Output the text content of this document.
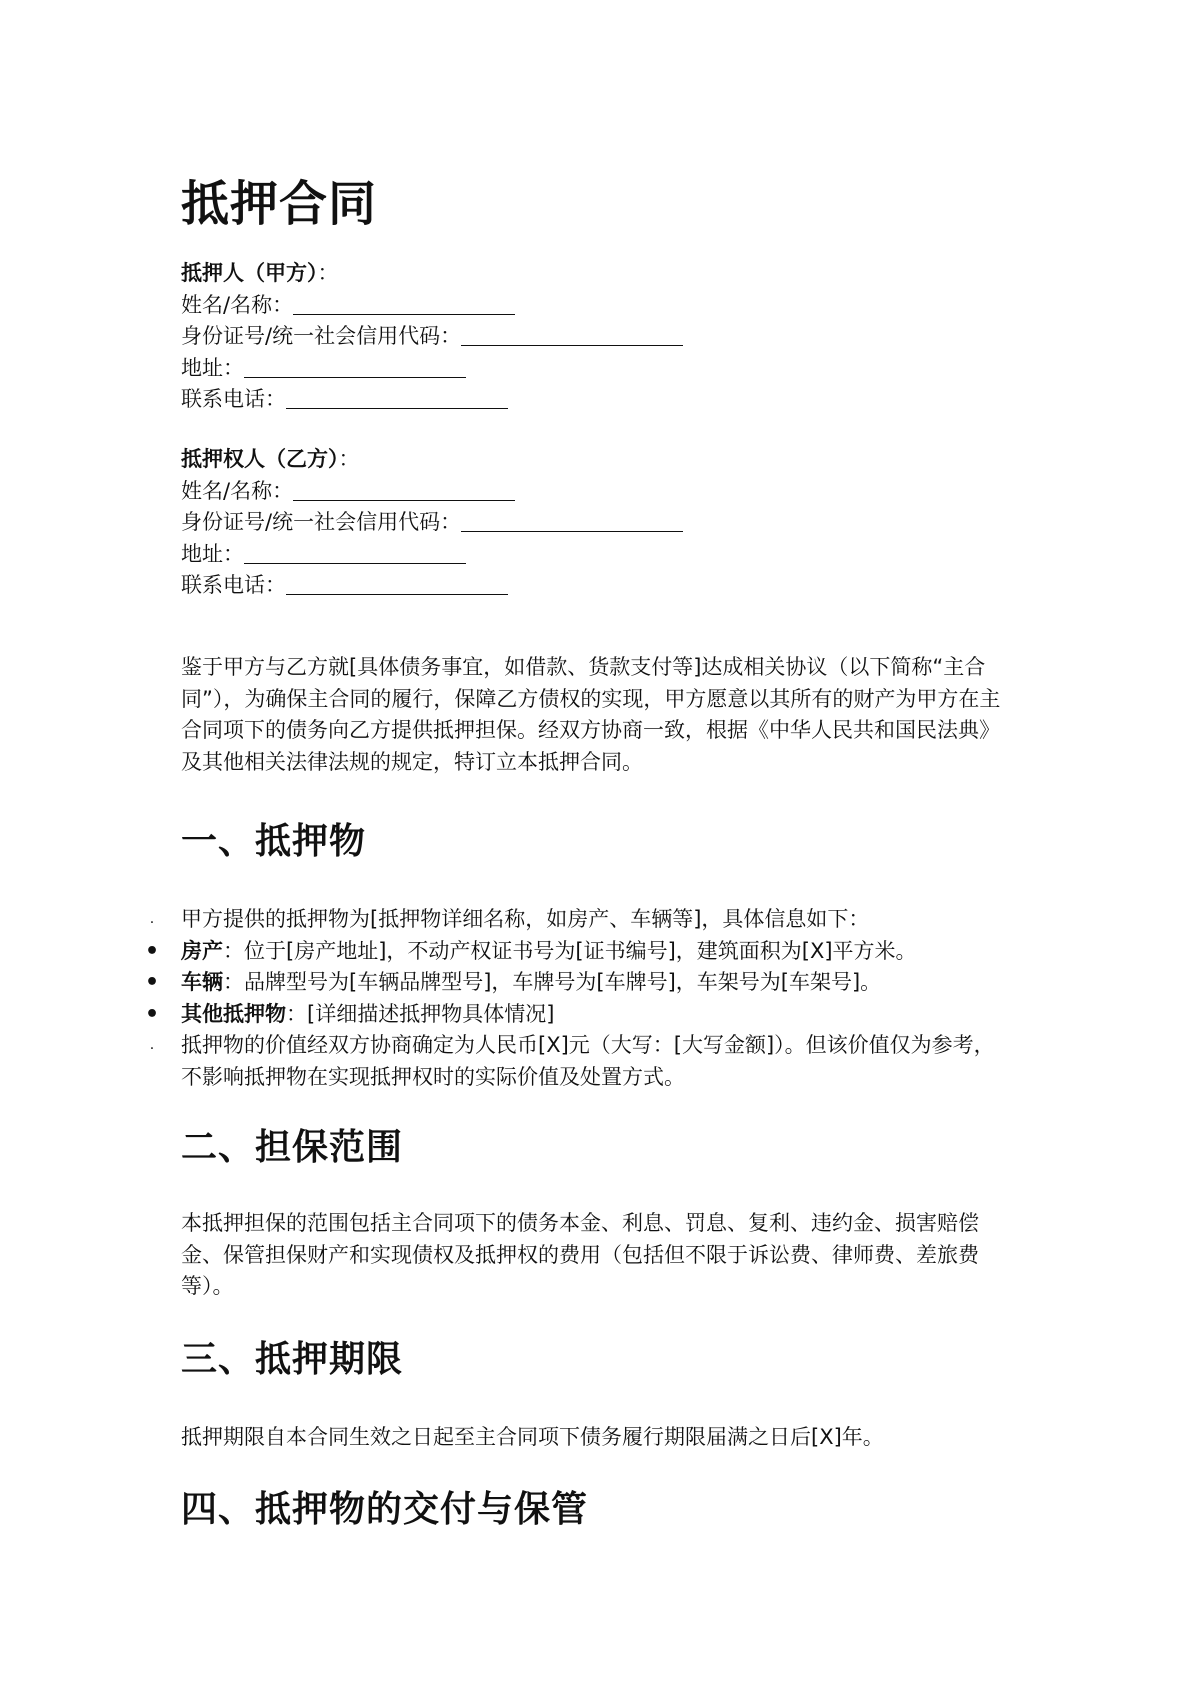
抵押合同
抵押人（甲方）：
姓名/名称：
身份证号/统一社会信用代码：
地址：
联系电话：
抵押权人（乙方）：
姓名/名称：
身份证号/统一社会信用代码：
地址：
联系电话：

鉴于甲方与乙方就[具体债务事宜，如借款、货款支付等]达成相关协议（以下简称“主合同”），为确保主合同的履行，保障乙方债权的实现，甲方愿意以其所有的财产为甲方在主合同项下的债务向乙方提供抵押担保。经双方协商一致，根据《中华人民共和国民法典》及其他相关法律法规的规定，特订立本抵押合同。

一、抵押物
. 甲方提供的抵押物为[抵押物详细名称，如房产、车辆等]，具体信息如下：
• 房产：位于[房产地址]，不动产权证书号为[证书编号]，建筑面积为[X]平方米。
• 车辆：品牌型号为[车辆品牌型号]，车牌号为[车牌号]，车架号为[车架号]。
• 其他抵押物：[详细描述抵押物具体情况]
. 抵押物的价值经双方协商确定为人民币[X]元（大写：[大写金额]）。但该价值仅为参考，不影响抵押物在实现抵押权时的实际价值及处置方式。
二、担保范围

本抵押担保的范围包括主合同项下的债务本金、利息、罚息、复利、违约金、损害赔偿金、保管担保财产和实现债权及抵押权的费用（包括但不限于诉讼费、律师费、差旅费等）。

三、抵押期限

抵押期限自本合同生效之日起至主合同项下债务履行期限届满之日后[X]年。

四、抵押物的交付与保管
